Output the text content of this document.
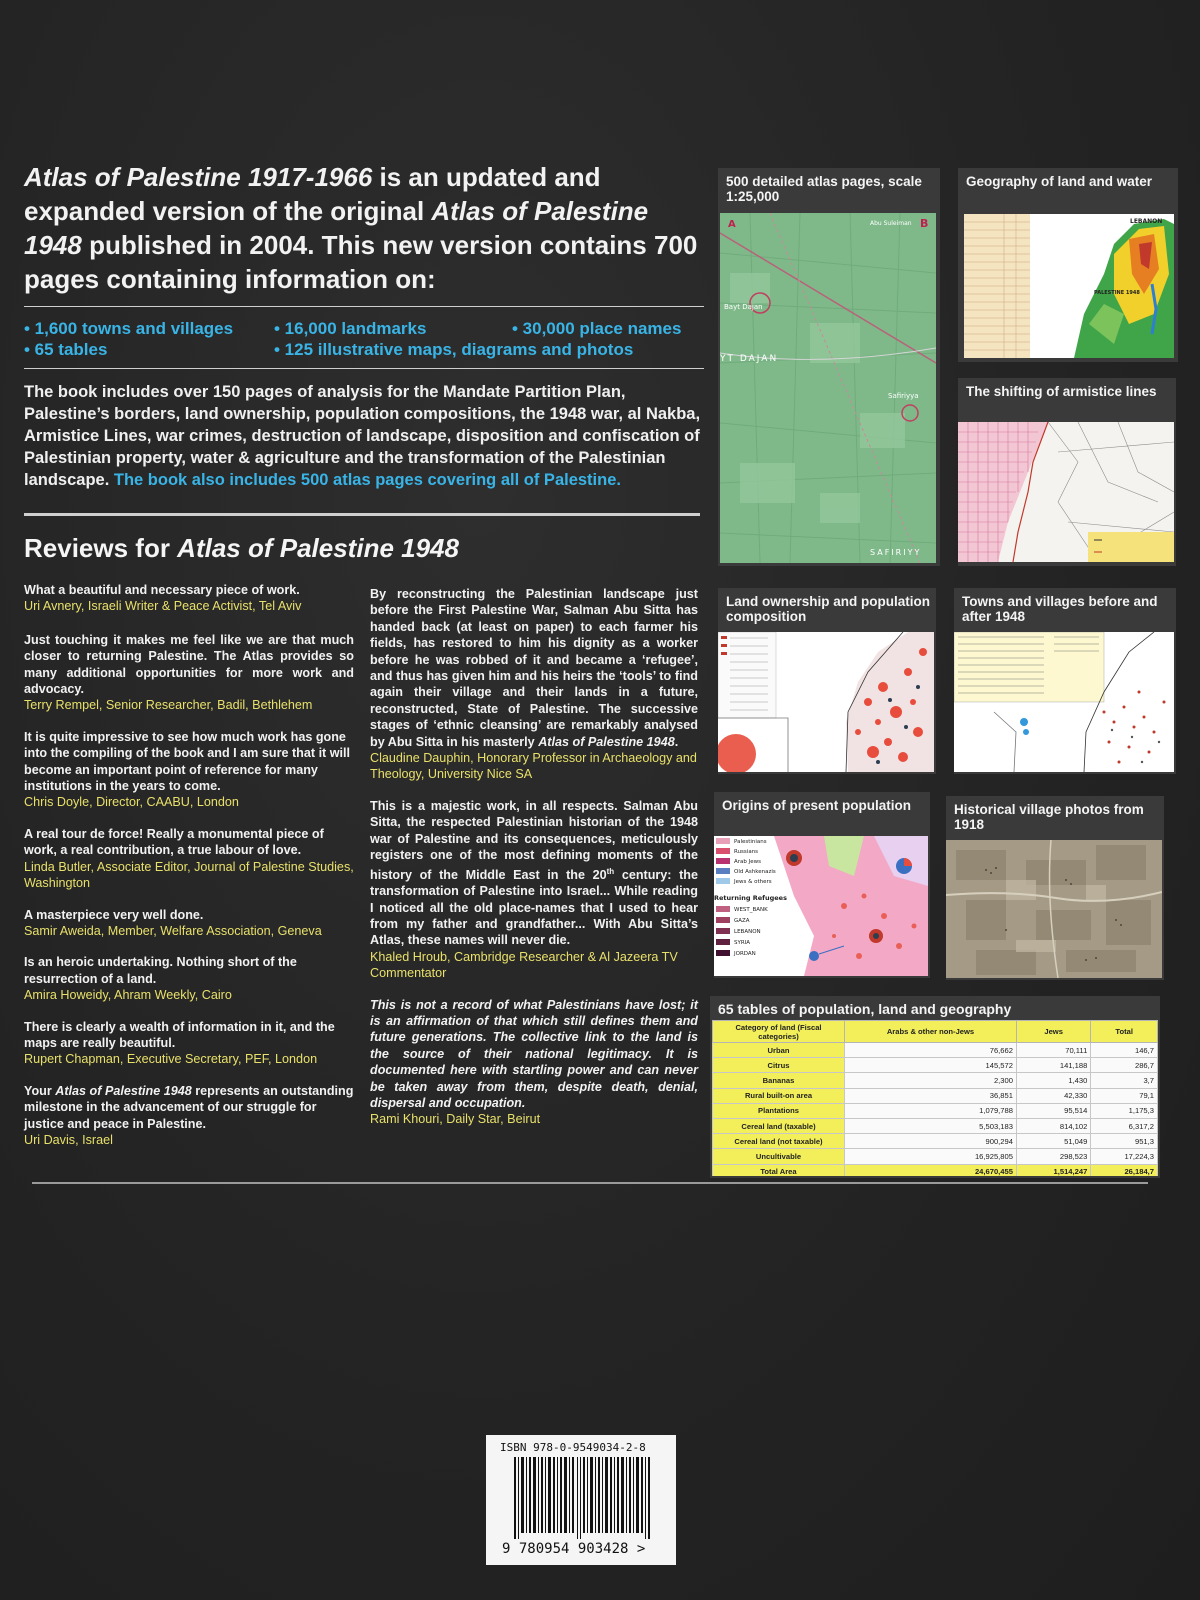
Atlas of Palestine 1917-1966 is an updated and expanded version of the original Atlas of Palestine 1948 published in 2004. This new version contains 700 pages containing information on:
• 1,600 towns and villages • 16,000 landmarks	• 30,000 place names
• 65 tables	• 125 illustrative maps, diagrams and photos
The book includes over 150 pages of analysis for the Mandate Partition Plan, Palestine’s borders, land ownership, population compositions, the 1948 war, al Nakba, Armistice Lines, war crimes, destruction of landscape, disposition and confiscation of Palestinian property, water & agriculture and the transformation of the Palestinian landscape. The book also includes 500 atlas pages covering all of Palestine.
Reviews for Atlas of Palestine 1948
What a beautiful and necessary piece of work.
Uri Avnery, Israeli Writer & Peace Activist, Tel Aviv
Just touching it makes me feel like we are that much closer to returning Palestine. The Atlas provides so many additional opportunities for more work and advocacy.
Terry Rempel, Senior Researcher, Badil, Bethlehem
It is quite impressive to see how much work has gone into the compiling of the book and I am sure that it will become an important point of reference for many institutions in the years to come.
Chris Doyle, Director, CAABU, London
A real tour de force! Really a monumental piece of work, a real contribution, a true labour of love.
Linda Butler, Associate Editor, Journal of Palestine Studies, Washington
A masterpiece very well done.
Samir Aweida, Member, Welfare Association, Geneva
Is an heroic undertaking. Nothing short of the resurrection of a land.
Amira Howeidy, Ahram Weekly, Cairo
There is clearly a wealth of information in it, and the maps are really beautiful.
Rupert Chapman, Executive Secretary, PEF, London
Your Atlas of Palestine 1948 represents an outstanding milestone in the advancement of our struggle for justice and peace in Palestine.
Uri Davis, Israel
By reconstructing the Palestinian landscape just before the First Palestine War, Salman Abu Sitta has handed back (at least on paper) to each farmer his fields, has restored to him his dignity as a worker before he was robbed of it and became a ‘refugee’, and thus has given him and his heirs the ‘tools’ to find again their village and their lands in a future, reconstructed, State of Palestine. The successive stages of ‘ethnic cleansing’ are remarkably analysed by Abu Sitta in his masterly Atlas of Palestine 1948.
Claudine Dauphin, Honorary Professor in Archaeology and Theology, University Nice SA
This is a majestic work, in all respects. Salman Abu Sitta, the respected Palestinian historian of the 1948 war of Palestine and its consequences, meticulously registers one of the most defining moments of the history of the Middle East in the 20th century: the transformation of Palestine into Israel... While reading I noticed all the old place-names that I used to hear from my father and grandfather... With Abu Sitta’s Atlas, these names will never die.
Khaled Hroub, Cambridge Researcher & Al Jazeera TV Commentator
This is not a record of what Palestinians have lost; it is an affirmation of that which still defines them and future generations. The collective link to the land is the source of their national legitimacy. It is documented here with startling power and can never be taken away from them, despite death, denial, dispersal and occupation.
Rami Khouri, Daily Star, Beirut
500 detailed atlas pages, scale 1:25,000
A	B
Abu Suleiman
Bayt Dajan
YT DAJAN
Safiriyya
SAFIRIYY
Geography of land and water
LEBANON
PALESTINE 1948
The shifting of armistice lines
Land ownership and population composition
Towns and villages before and after 1948
Origins of present population
Palestinians
Russians
Arab Jews
Old Ashkenazis
Jews & others
Returning Refugees
WEST_BANK
GAZA
LEBANON
SYRIA
JORDAN
Historical village photos from 1918
65 tables of population, land and geography
Category of land (Fiscal categories)	Arabs & other non-Jews	Jews	Total
Urban	76,662	70,111	146,7
Citrus	145,572	141,188	286,7
Bananas	2,300	1,430	3,7
Rural built-on area	36,851	42,330	79,1
Plantations	1,079,788	95,514	1,175,3
Cereal land (taxable)	5,503,183	814,102	6,317,2
Cereal land (not taxable)	900,294	51,049	951,3
Uncultivable	16,925,805	298,523	17,224,3
Total Area	24,670,455	1,514,247	26,184,7
ISBN 978-0-9549034-2-8
9 780954 903428 >
